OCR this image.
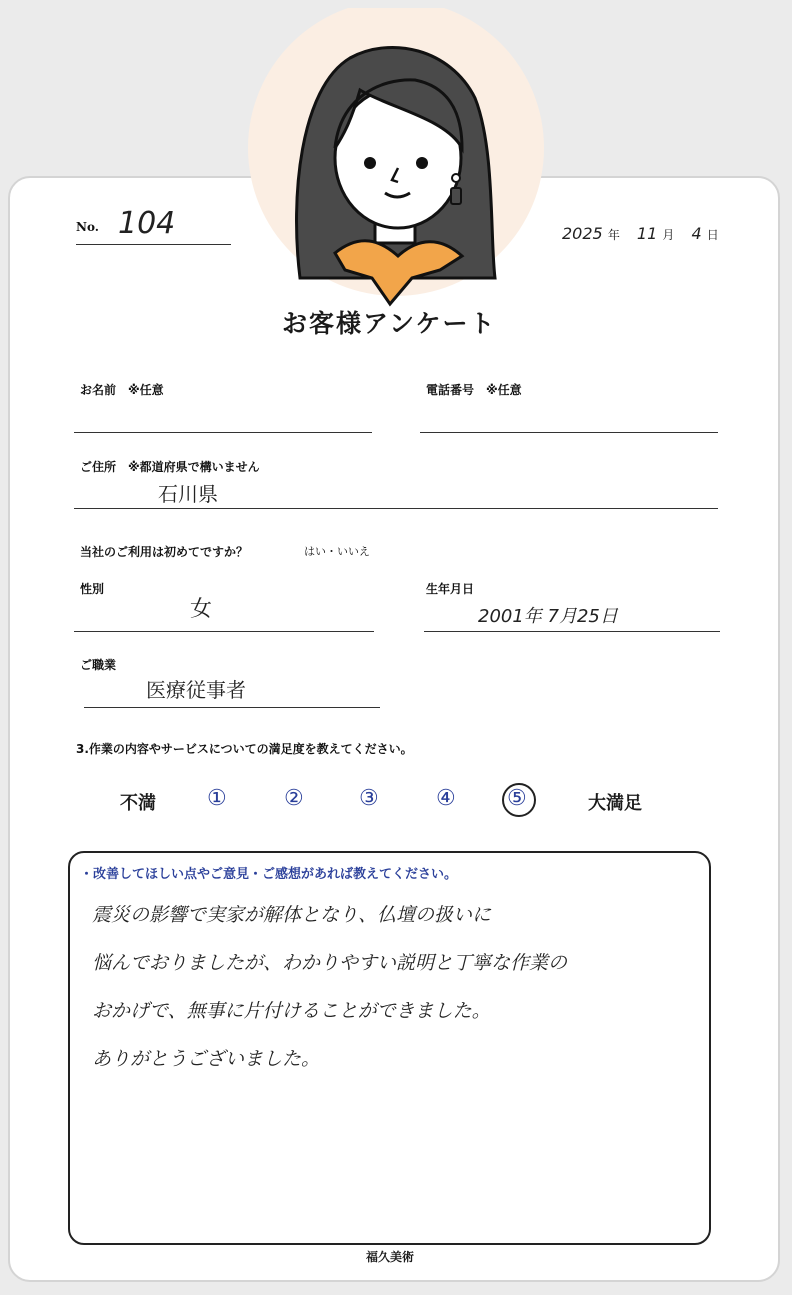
No. 104	2025 年 11 月 4 日
お客様アンケート
お名前　※任意	電話番号　※任意
ご住所　※都道府県で構いません
石川県
当社のご利用は初めてですか？	はい・いいえ
性別
女
生年月日
2001年 7月25日
ご職業
医療従事者
3.作業の内容やサービスについての満足度を教えてください。
不満 ①	②	③	④ ⑤	大満足
・改善してほしい点やご意見・ご感想があれば教えてください。
震災の影響で実家が解体となり、仏壇の扱いに
悩んでおりましたが、わかりやすい説明と丁寧な作業の
おかげで、無事に片付けることができました。
ありがとうございました。
福久美術
